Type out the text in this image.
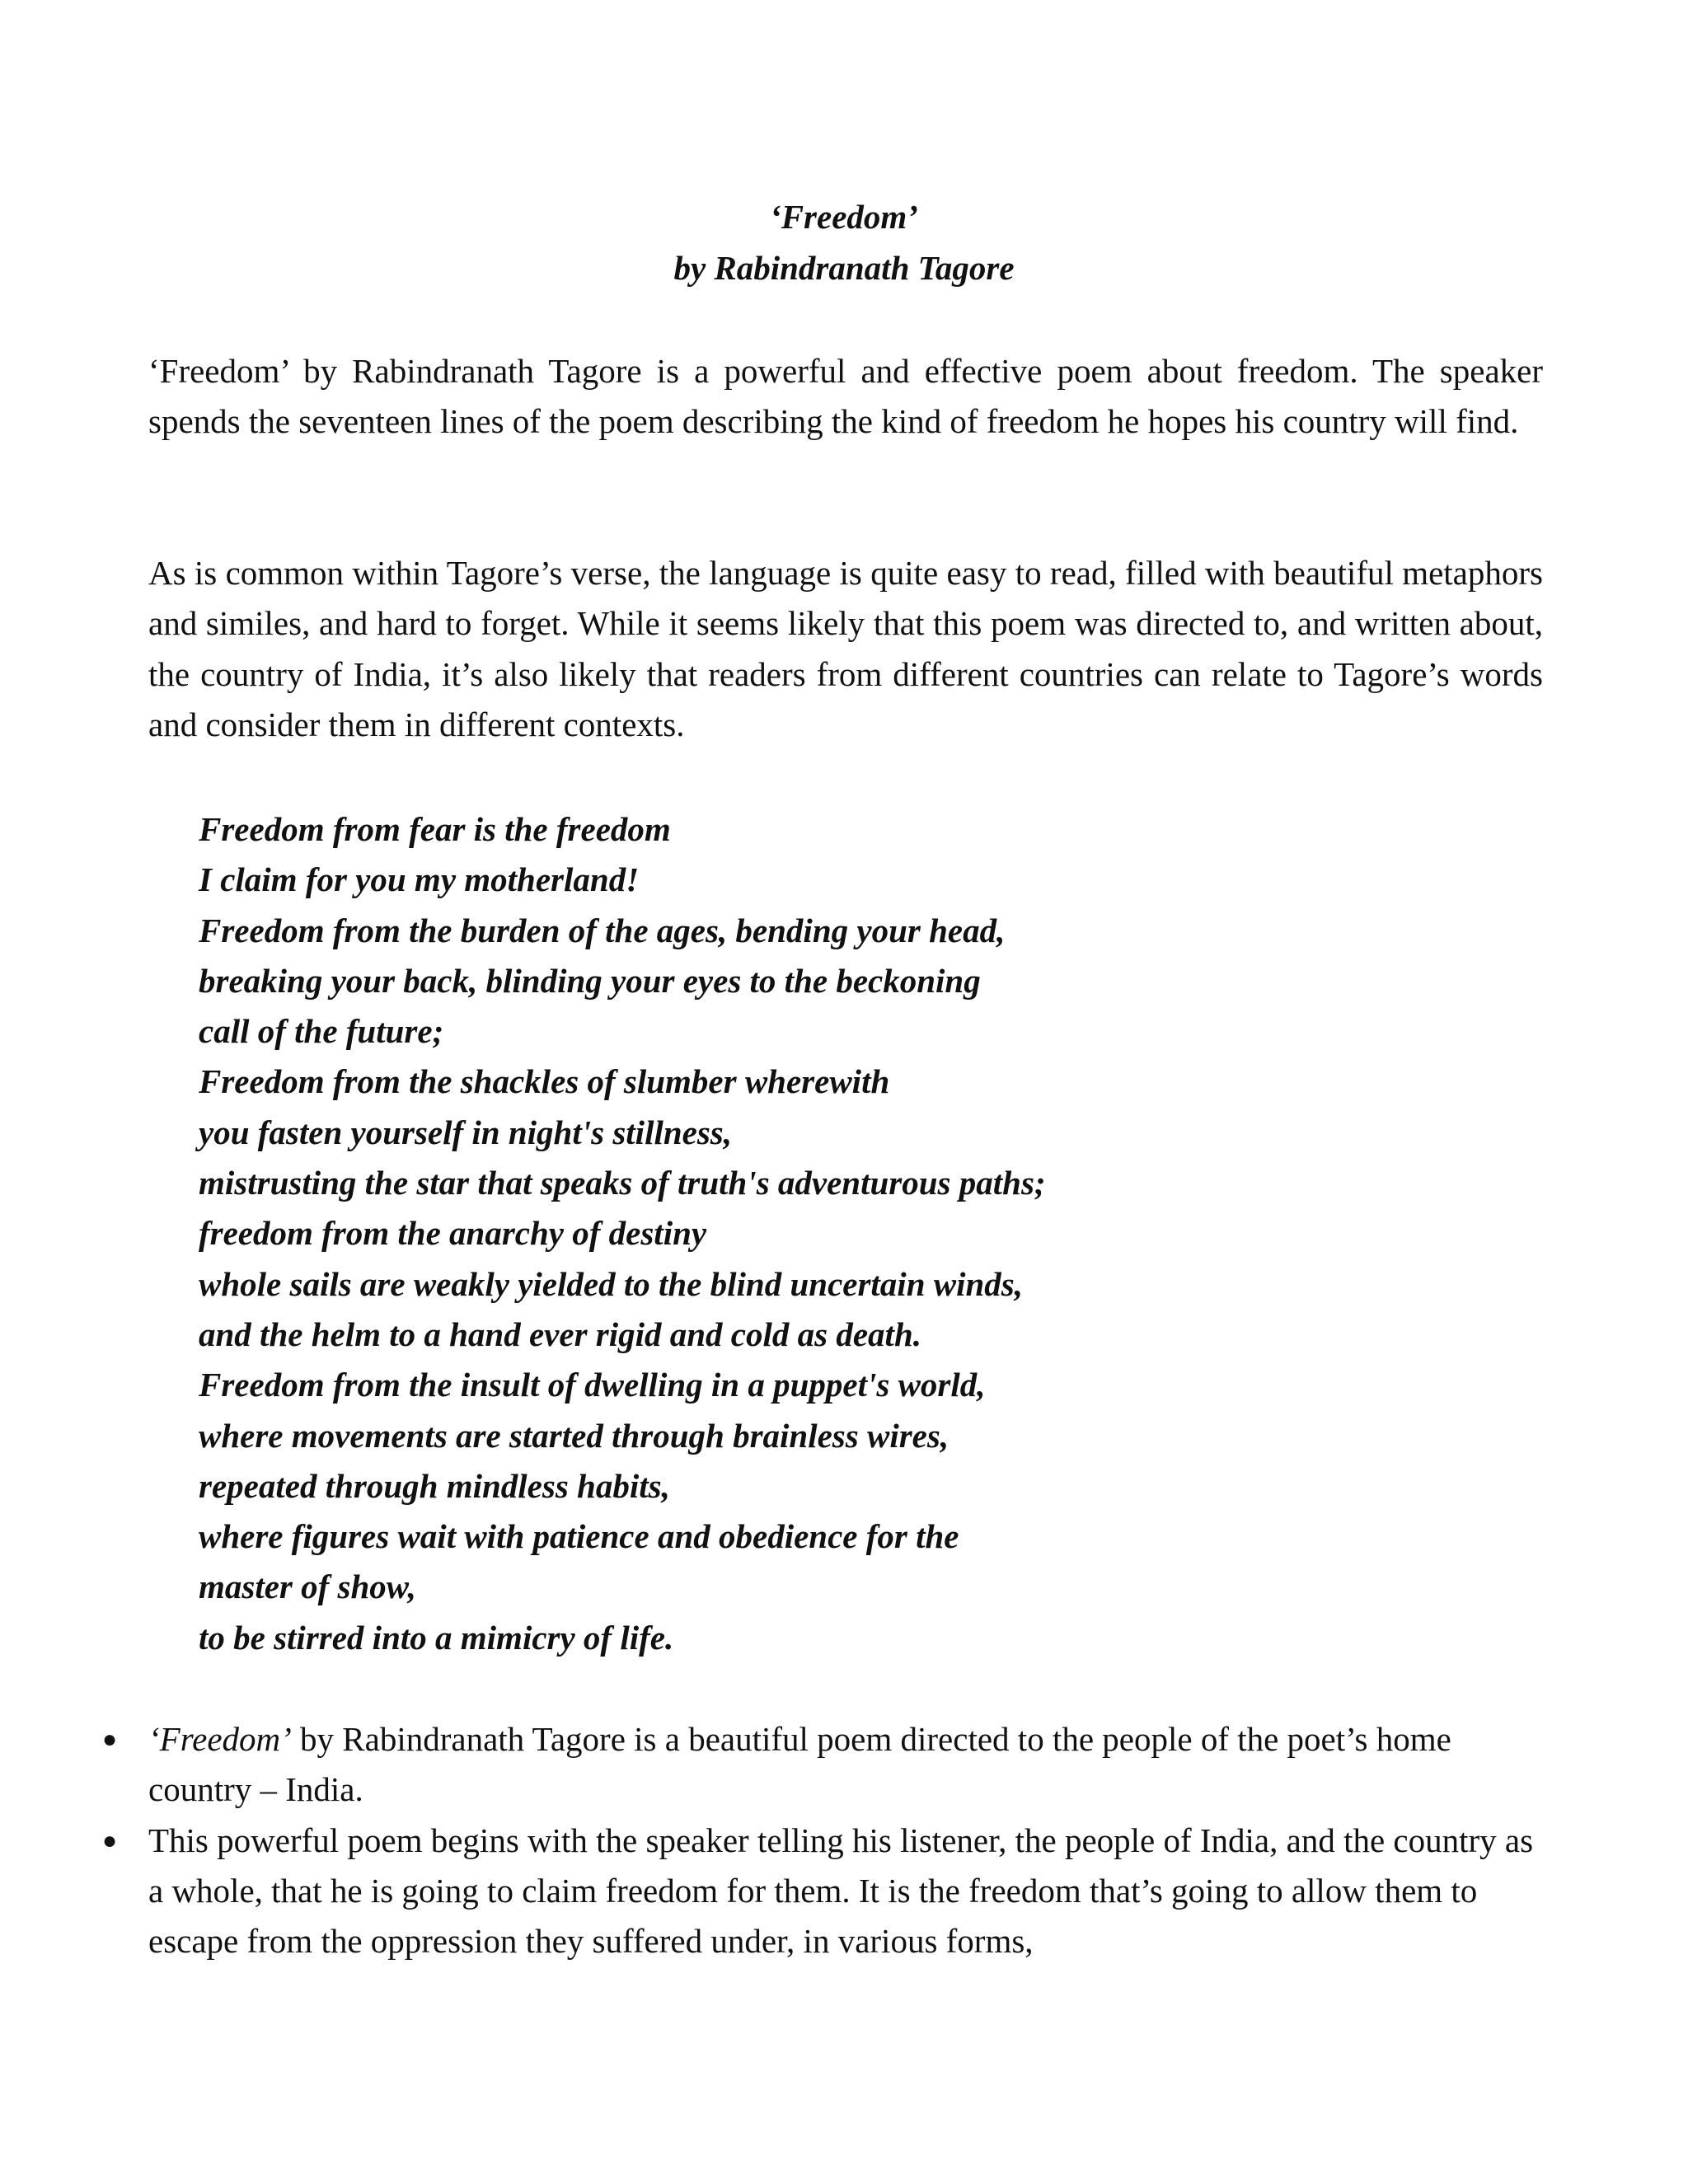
‘Freedom’
by Rabindranath Tagore

‘Freedom’ by Rabindranath Tagore is a powerful and effective poem about freedom. The speaker spends the seventeen lines of the poem describing the kind of freedom he hopes his country will find.

As is common within Tagore’s verse, the language is quite easy to read, filled with beautiful metaphors and similes, and hard to forget. While it seems likely that this poem was directed to, and written about, the country of India, it’s also likely that readers from different countries can relate to Tagore’s words and consider them in different contexts.

Freedom from fear is the freedom
I claim for you my motherland!
Freedom from the burden of the ages, bending your head,
breaking your back, blinding your eyes to the beckoning
call of the future;
Freedom from the shackles of slumber wherewith
you fasten yourself in night's stillness,
mistrusting the star that speaks of truth's adventurous paths;
freedom from the anarchy of destiny
whole sails are weakly yielded to the blind uncertain winds,
and the helm to a hand ever rigid and cold as death.
Freedom from the insult of dwelling in a puppet's world,
where movements are started through brainless wires,
repeated through mindless habits,
where figures wait with patience and obedience for the
master of show,
to be stirred into a mimicry of life.
● ‘Freedom’ by Rabindranath Tagore is a beautiful poem directed to the people of the poet’s home country – India.
● This powerful poem begins with the speaker telling his listener, the people of India, and the country as a whole, that he is going to claim freedom for them. It is the freedom that’s going to allow them to escape from the oppression they suffered under, in various forms,
